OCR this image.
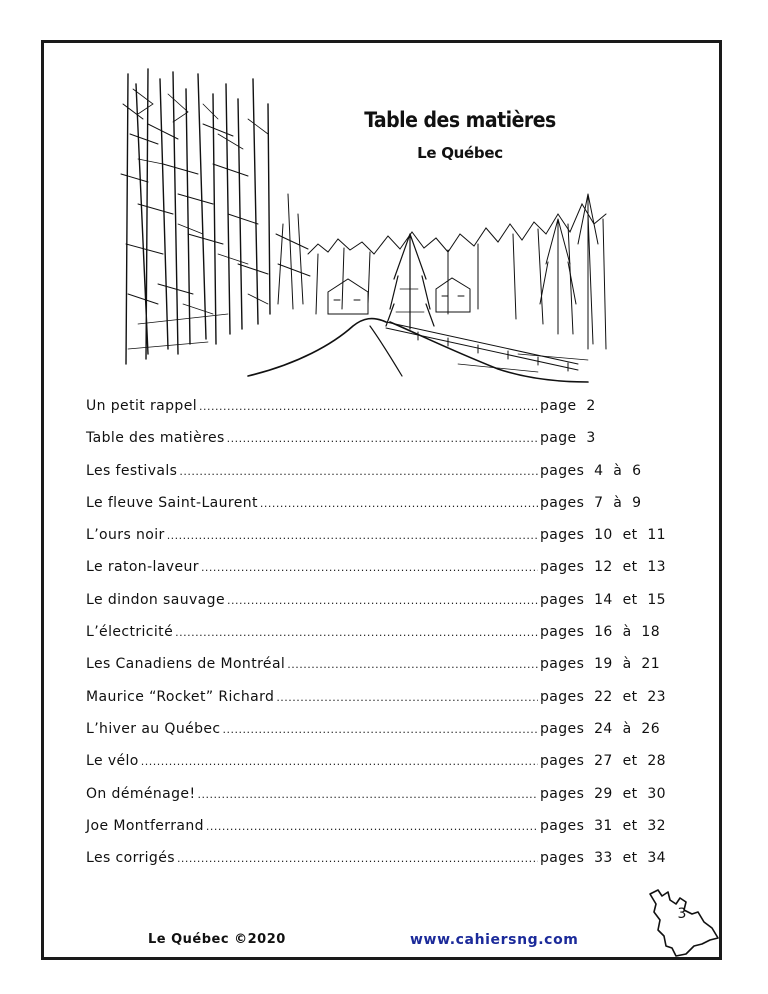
Table des matières
Le Québec
Un petit rappel .....	page 2
Table des matières .....	page 3
Les festivals .....	pages 4 à 6
Le fleuve Saint-Laurent .....	pages 7 à 9
L’ours noir .....	pages 10 et 11
Le raton-laveur .....	pages 12 et 13
Le dindon sauvage .....	pages 14 et 15
L’électricité .....	pages 16 à 18
Les Canadiens de Montréal .....	pages 19 à 21
Maurice “Rocket” Richard .....	pages 22 et 23
L’hiver au Québec .....	pages 24 à 26
Le vélo .....	pages 27 et 28
On déménage! .....	pages 29 et 30
Joe Montferrand .....	pages 31 et 32
Les corrigés .....	pages 33 et 34
3
Le Québec ©2020	www.cahiersng.com
